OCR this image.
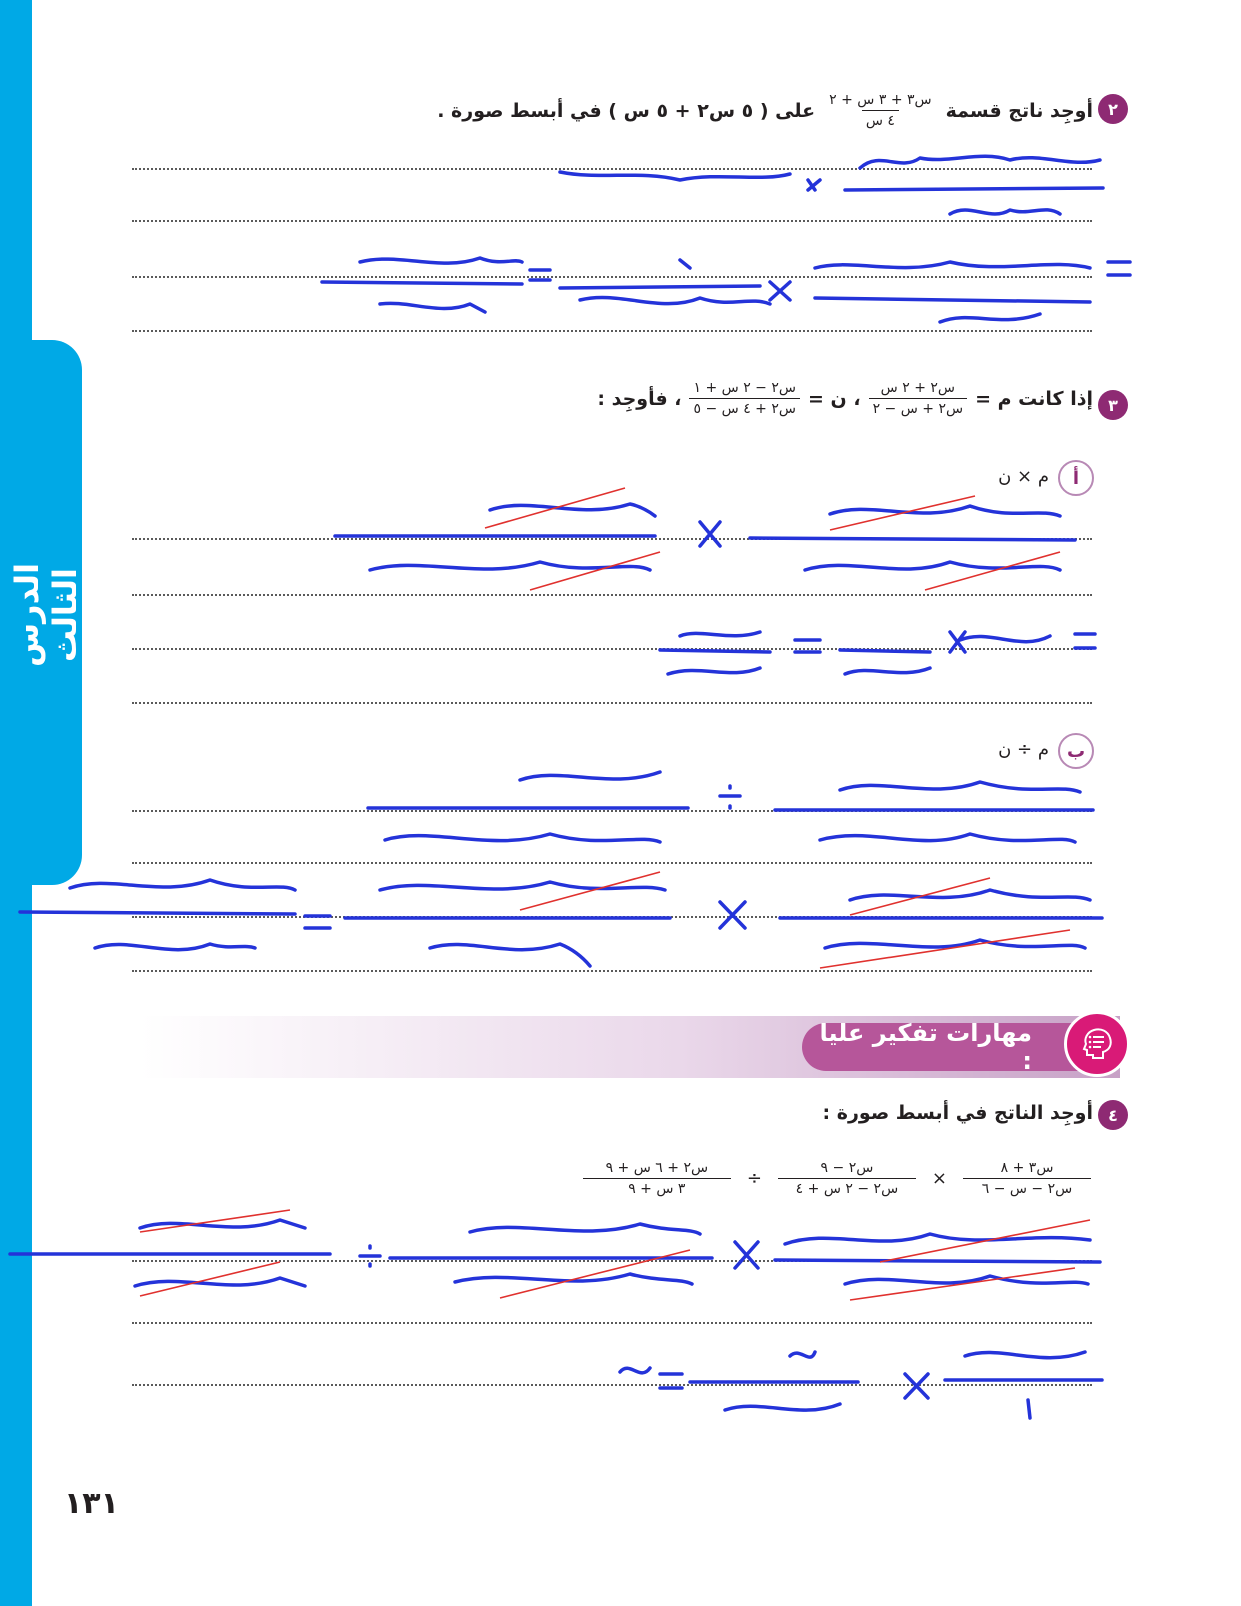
الدرس الثالث
٢
أوجِد ناتج قسمة
$\frac{\text{س٣ + ٣ س + ٢}}{\text{٤ س}}$
على ( ٥ س٢ + ٥ س ) في أبسط صورة .
٣
إذا كانت م =
$\frac{\text{س٢ + ٢ س}}{\text{س٢ + س − ٢}}$
، ن =
$\frac{\text{س٢ − ٢ س + ١}}{\text{س٢ + ٤ س − ٥}}$
، فأوجِد :
أ
م × ن
ب
م ÷ ن
مهارات تفكير عليا :
٤
أوجِد الناتج في أبسط صورة :
$\frac{\text{س٣ + ٨}}{\text{س٢ − س − ٦}}$
×
$\frac{\text{س٢ − ٩}}{\text{س٢ − ٢ س + ٤}}$
÷
$\frac{\text{س٢ + ٦ س + ٩}}{\text{٣ س + ٩}}$
١٣١
